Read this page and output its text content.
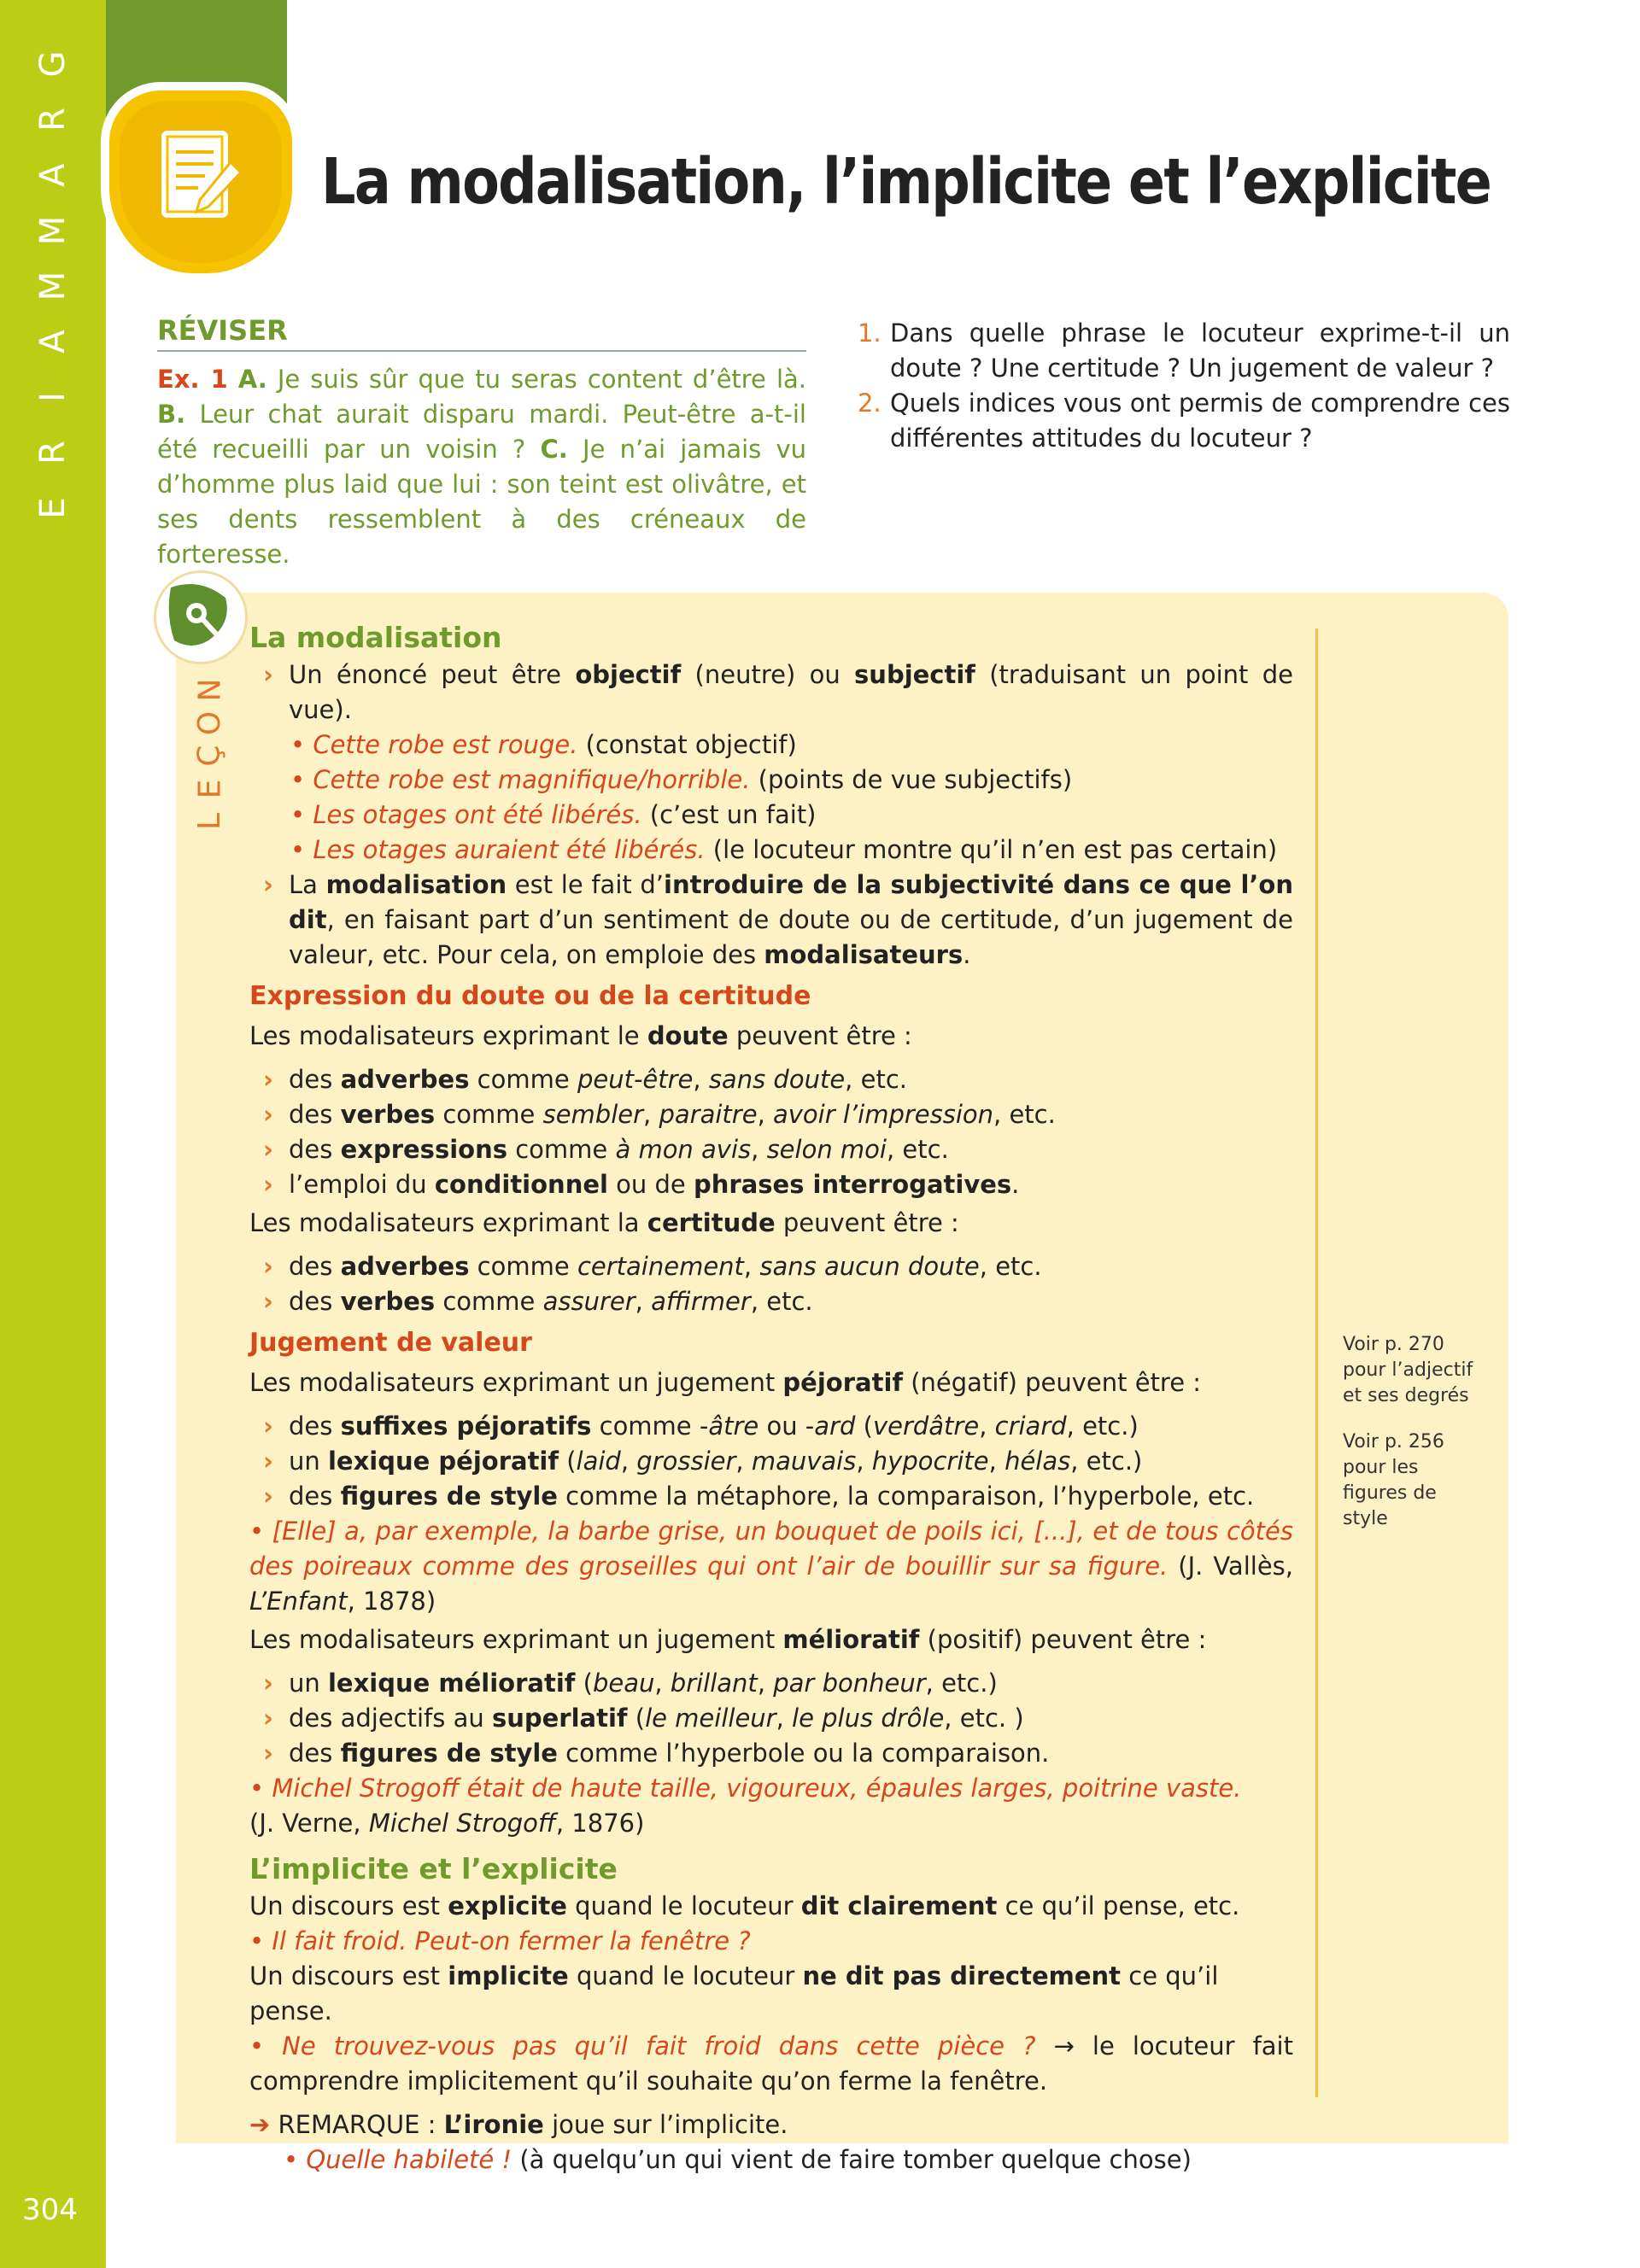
G
R
A
M
M
A
I
R
E
304
La modalisation, l’implicite et l’explicite
RÉVISER
Ex. 1 A. Je suis sûr que tu seras content d’être là. B. Leur chat aurait disparu mardi. Peut-être a-t-il été recueilli par un voisin ? C. Je n’ai jamais vu d’homme plus laid que lui : son teint est olivâtre, et ses dents ressemblent à des créneaux de forteresse.
1. Dans quelle phrase le locuteur exprime-t-il un doute ? Une certitude ? Un jugement de valeur ?
2. Quels indices vous ont permis de comprendre ces différentes attitudes du locuteur ?
N
O
Ç
E
L
La modalisation
› Un énoncé peut être objectif (neutre) ou subjectif (traduisant un point de vue).
• Cette robe est rouge. (constat objectif)
• Cette robe est magnifique/horrible. (points de vue subjectifs)
• Les otages ont été libérés. (c’est un fait)
• Les otages auraient été libérés. (le locuteur montre qu’il n’en est pas certain)
› La modalisation est le fait d’introduire de la subjectivité dans ce que l’on dit, en faisant part d’un sentiment de doute ou de certitude, d’un jugement de valeur, etc. Pour cela, on emploie des modalisateurs.
Expression du doute ou de la certitude
Les modalisateurs exprimant le doute peuvent être :
› des adverbes comme peut-être, sans doute, etc.
› des verbes comme sembler, paraitre, avoir l’impression, etc.
› des expressions comme à mon avis, selon moi, etc.
› l’emploi du conditionnel ou de phrases interrogatives.
Les modalisateurs exprimant la certitude peuvent être :
› des adverbes comme certainement, sans aucun doute, etc.
› des verbes comme assurer, affirmer, etc.
Jugement de valeur
Les modalisateurs exprimant un jugement péjoratif (négatif) peuvent être :
› des suffixes péjoratifs comme -âtre ou -ard (verdâtre, criard, etc.)
› un lexique péjoratif (laid, grossier, mauvais, hypocrite, hélas, etc.)
› des figures de style comme la métaphore, la comparaison, l’hyperbole, etc.
• [Elle] a, par exemple, la barbe grise, un bouquet de poils ici, [...], et de tous côtés des poireaux comme des groseilles qui ont l’air de bouillir sur sa figure. (J. Vallès, L’Enfant, 1878)
Les modalisateurs exprimant un jugement mélioratif (positif) peuvent être :
› un lexique mélioratif (beau, brillant, par bonheur, etc.)
› des adjectifs au superlatif (le meilleur, le plus drôle, etc. )
› des figures de style comme l’hyperbole ou la comparaison.
• Michel Strogoff était de haute taille, vigoureux, épaules larges, poitrine vaste.
(J. Verne, Michel Strogoff, 1876)
L’implicite et l’explicite
Un discours est explicite quand le locuteur dit clairement ce qu’il pense, etc.
• Il fait froid. Peut-on fermer la fenêtre ?
Un discours est implicite quand le locuteur ne dit pas directement ce qu’il pense.
• Ne trouvez-vous pas qu’il fait froid dans cette pièce ? → le locuteur fait comprendre implicitement qu’il souhaite qu’on ferme la fenêtre.
➔ REMARQUE : L’ironie joue sur l’implicite.
• Quelle habileté ! (à quelqu’un qui vient de faire tomber quelque chose)

Voir p. 270 pour l’adjectif et ses degrés

Voir p. 256 pour les figures de style
